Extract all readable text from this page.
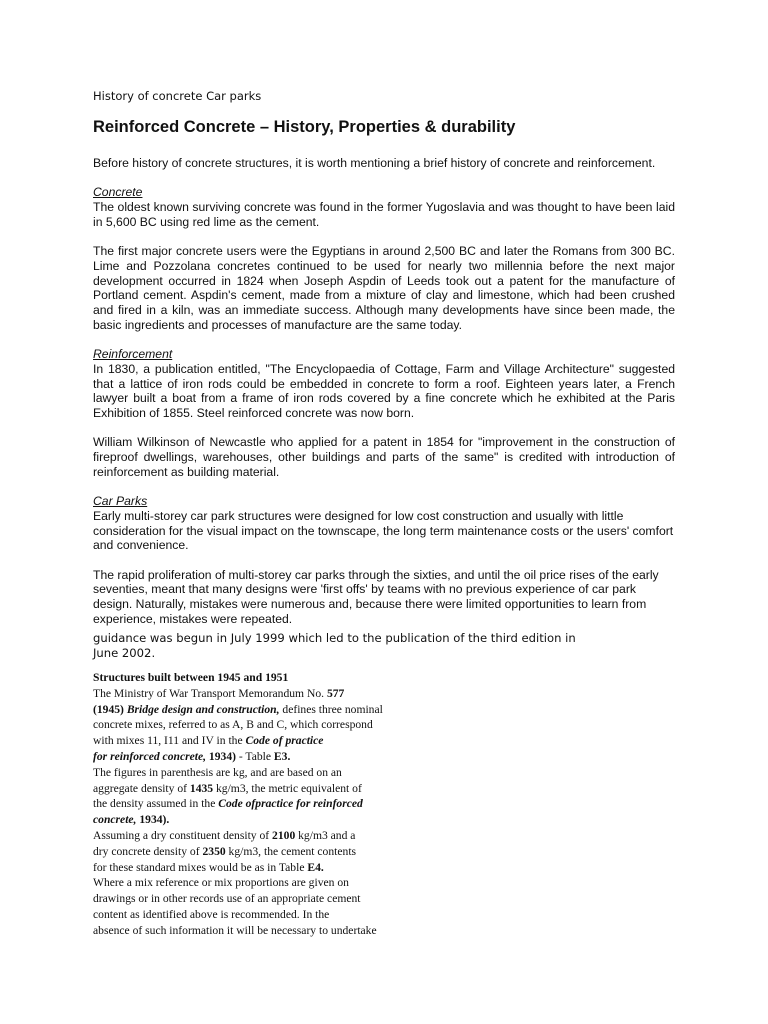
History of concrete Car parks
Reinforced Concrete – History, Properties & durability

Before history of concrete structures, it is worth mentioning a brief history of concrete and reinforcement.

Concrete

The oldest known surviving concrete was found in the former Yugoslavia and was thought to have been laid in 5,600 BC using red lime as the cement.

The first major concrete users were the Egyptians in around 2,500 BC and later the Romans from 300 BC. Lime and Pozzolana concretes continued to be used for nearly two millennia before the next major development occurred in 1824 when Joseph Aspdin of Leeds took out a patent for the manufacture of Portland cement. Aspdin's cement, made from a mixture of clay and limestone, which had been crushed and fired in a kiln, was an immediate success. Although many developments have since been made, the basic ingredients and processes of manufacture are the same today.

Reinforcement

In 1830, a publication entitled, "The Encyclopaedia of Cottage, Farm and Village Architecture" suggested that a lattice of iron rods could be embedded in concrete to form a roof. Eighteen years later, a French lawyer built a boat from a frame of iron rods covered by a fine concrete which he exhibited at the Paris Exhibition of 1855. Steel reinforced concrete was now born.

William Wilkinson of Newcastle who applied for a patent in 1854 for "improvement in the construction of fireproof dwellings, warehouses, other buildings and parts of the same" is credited with introduction of reinforcement as building material.

Car Parks

Early multi-storey car park structures were designed for low cost construction and usually with little consideration for the visual impact on the townscape, the long term maintenance costs or the users' comfort and convenience.

The rapid proliferation of multi-storey car parks through the sixties, and until the oil price rises of the early seventies, meant that many designs were 'first offs' by teams with no previous experience of car park design. Naturally, mistakes were numerous and, because there were limited opportunities to learn from experience, mistakes were repeated.

guidance was begun in July 1999 which led to the publication of the third edition in
June 2002.
Structures built between 1945 and 1951
The Ministry of War Transport Memorandum No. 577
(1945) Bridge design and construction, defines three nominal
concrete mixes, referred to as A, B and C, which correspond
with mixes 11, I11 and IV in the Code of practice
for reinforced concrete, 1934) - Table E3.
The figures in parenthesis are kg, and are based on an
aggregate density of 1435 kg/m3, the metric equivalent of
the density assumed in the Code ofpractice for reinforced
concrete, 1934).
Assuming a dry constituent density of 2100 kg/m3 and a
dry concrete density of 2350 kg/m3, the cement contents
for these standard mixes would be as in Table E4.
Where a mix reference or mix proportions are given on
drawings or in other records use of an appropriate cement
content as identified above is recommended. In the
absence of such information it will be necessary to undertake
